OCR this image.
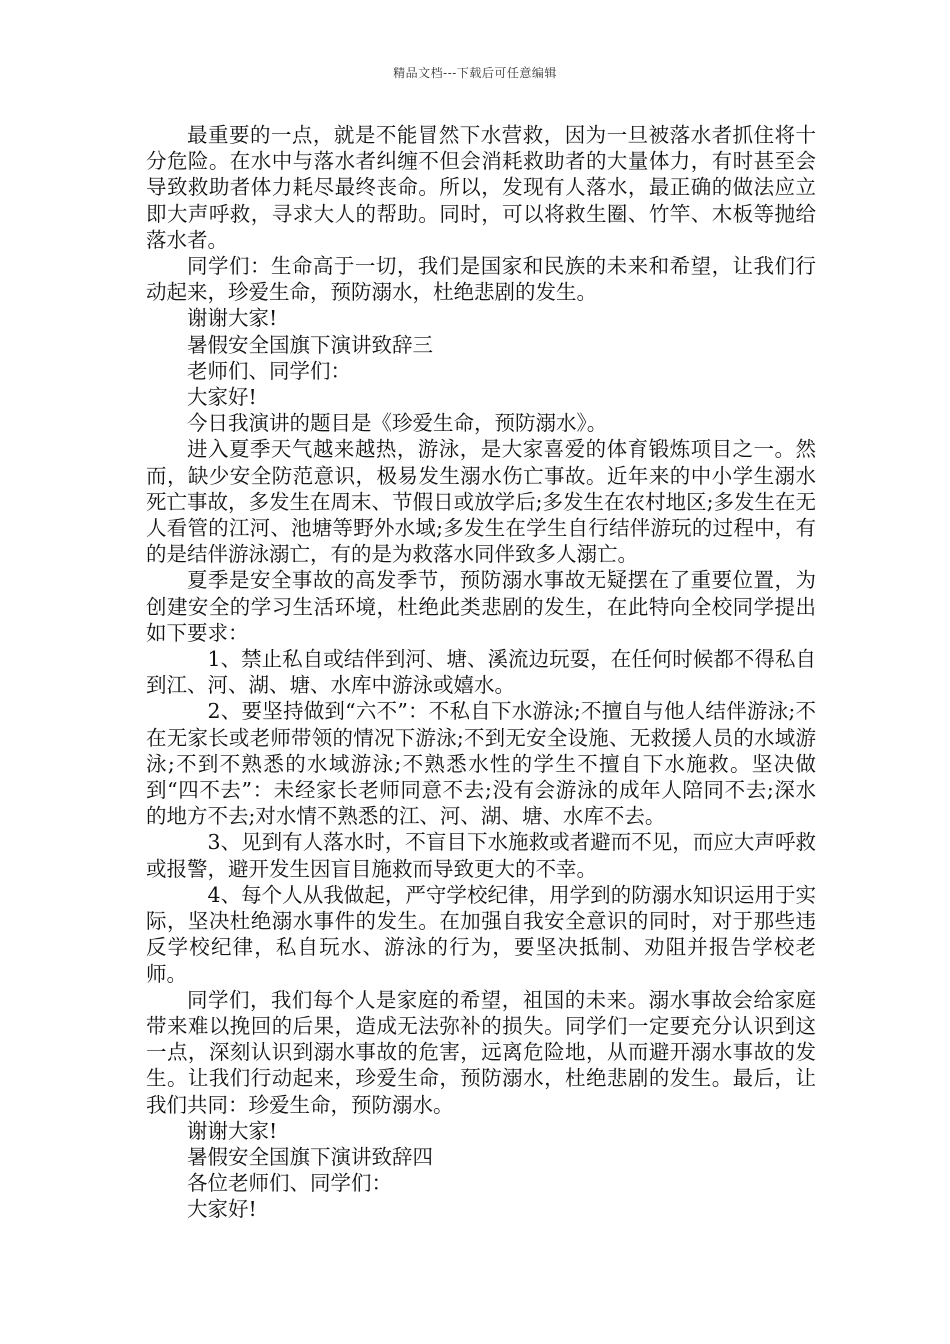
精品文档---下载后可任意编辑

最重要的一点，就是不能冒然下水营救，因为一旦被落水者抓住将十分危险。在水中与落水者纠缠不但会消耗救助者的大量体力，有时甚至会导致救助者体力耗尽最终丧命。所以，发现有人落水，最正确的做法应立即大声呼救，寻求大人的帮助。同时，可以将救生圈、竹竿、木板等抛给落水者。

同学们：生命高于一切，我们是国家和民族的未来和希望，让我们行动起来，珍爱生命，预防溺水，杜绝悲剧的发生。

谢谢大家!

暑假安全国旗下演讲致辞三

老师们、同学们：

大家好!

今日我演讲的题目是《珍爱生命，预防溺水》。

进入夏季天气越来越热，游泳，是大家喜爱的体育锻炼项目之一。然而，缺少安全防范意识，极易发生溺水伤亡事故。近年来的中小学生溺水死亡事故，多发生在周末、节假日或放学后;多发生在农村地区;多发生在无人看管的江河、池塘等野外水域;多发生在学生自行结伴游玩的过程中，有的是结伴游泳溺亡，有的是为救落水同伴致多人溺亡。

夏季是安全事故的高发季节，预防溺水事故无疑摆在了重要位置，为创建安全的学习生活环境，杜绝此类悲剧的发生，在此特向全校同学提出如下要求：

1、禁止私自或结伴到河、塘、溪流边玩耍，在任何时候都不得私自到江、河、湖、塘、水库中游泳或嬉水。

2、要坚持做到“六不”：不私自下水游泳;不擅自与他人结伴游泳;不在无家长或老师带领的情况下游泳;不到无安全设施、无救援人员的水域游泳;不到不熟悉的水域游泳;不熟悉水性的学生不擅自下水施救。坚决做到“四不去”：未经家长老师同意不去;没有会游泳的成年人陪同不去;深水的地方不去;对水情不熟悉的江、河、湖、塘、水库不去。

3、见到有人落水时，不盲目下水施救或者避而不见，而应大声呼救或报警，避开发生因盲目施救而导致更大的不幸。

4、每个人从我做起，严守学校纪律，用学到的防溺水知识运用于实际，坚决杜绝溺水事件的发生。在加强自我安全意识的同时，对于那些违反学校纪律，私自玩水、游泳的行为，要坚决抵制、劝阻并报告学校老师。

同学们，我们每个人是家庭的希望，祖国的未来。溺水事故会给家庭带来难以挽回的后果，造成无法弥补的损失。同学们一定要充分认识到这一点，深刻认识到溺水事故的危害，远离危险地，从而避开溺水事故的发生。让我们行动起来，珍爱生命，预防溺水，杜绝悲剧的发生。最后，让我们共同：珍爱生命，预防溺水。

谢谢大家!

暑假安全国旗下演讲致辞四

各位老师们、同学们：

大家好!
